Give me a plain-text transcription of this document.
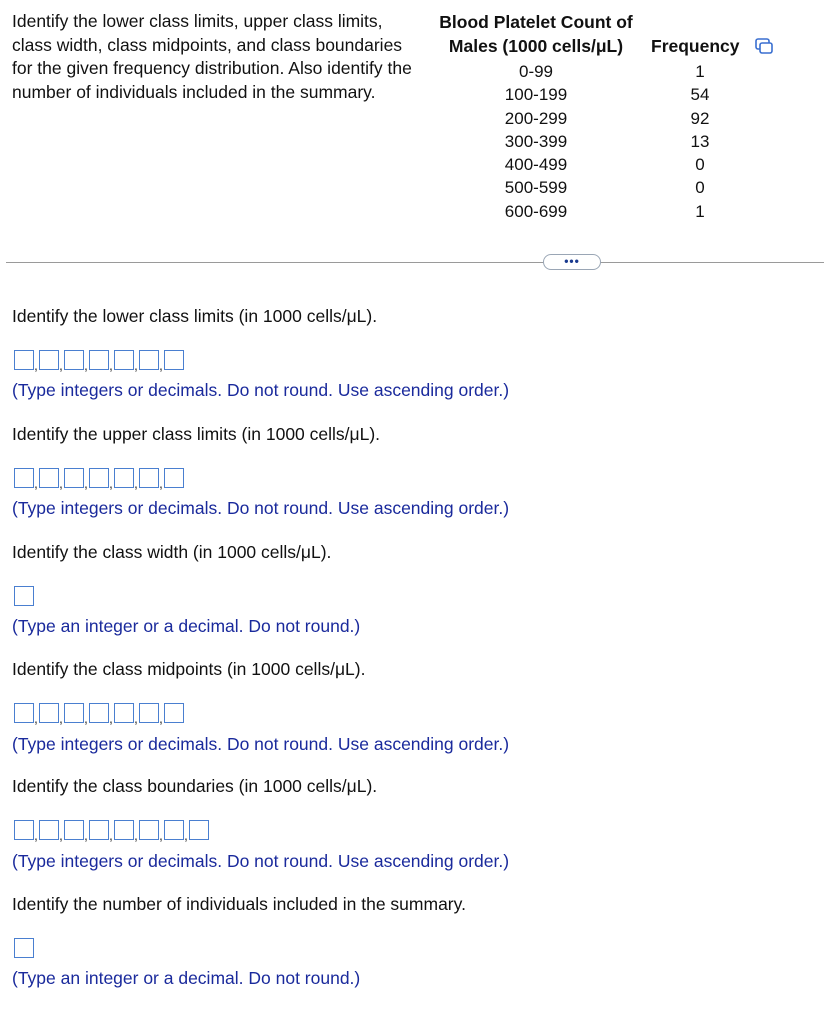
Identify the lower class limits, upper class limits, class width, class midpoints, and class boundaries for the given frequency distribution. Also identify the number of individuals included in the summary.
Blood Platelet Count of Males (1000 cells/μL)	Frequency
0-99	1
100-199	54
200-299	92
300-399	13
400-499	0
500-599	0
600-699	1
•••
Identify the lower class limits (in 1000 cells/μL).
, , , , , ,
(Type integers or decimals. Do not round. Use ascending order.)
Identify the upper class limits (in 1000 cells/μL).
, , , , , ,
(Type integers or decimals. Do not round. Use ascending order.)
Identify the class width (in 1000 cells/μL).
(Type an integer or a decimal. Do not round.)
Identify the class midpoints (in 1000 cells/μL).
, , , , , ,
(Type integers or decimals. Do not round. Use ascending order.)
Identify the class boundaries (in 1000 cells/μL).
, , , , , , ,
(Type integers or decimals. Do not round. Use ascending order.)
Identify the number of individuals included in the summary.
(Type an integer or a decimal. Do not round.)
